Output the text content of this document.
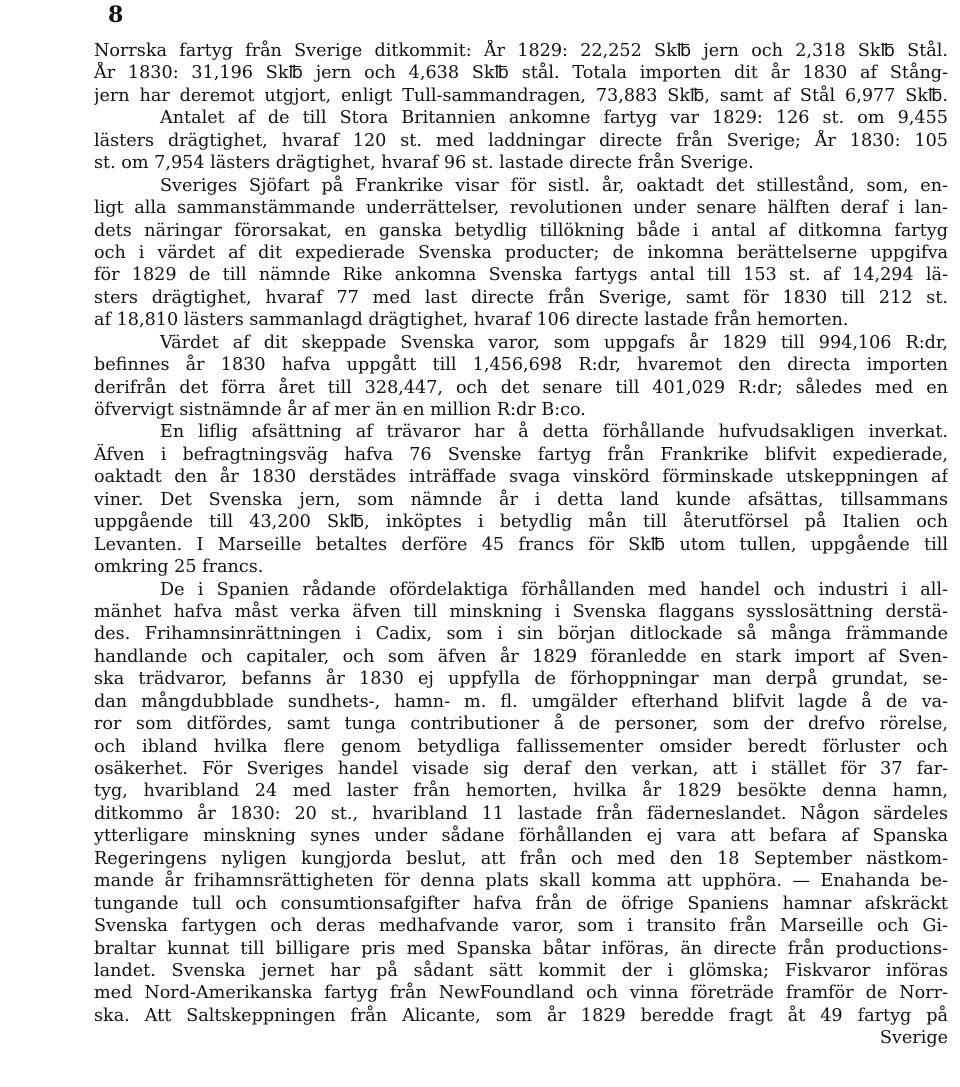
8
Norrska fartyg från Sverige ditkommit: År 1829: 22,252 Sk℔ jern och 2,318 Sk℔ Stål.
År 1830: 31,196 Sk℔ jern och 4,638 Sk℔ stål. Totala importen dit år 1830 af Stång-
jern har deremot utgjort, enligt Tull-sammandragen, 73,883 Sk℔, samt af Stål 6,977 Sk℔.
Antalet af de till Stora Britannien ankomne fartyg var 1829: 126 st. om 9,455
lästers drägtighet, hvaraf 120 st. med laddningar directe från Sverige; År 1830: 105
st. om 7,954 lästers drägtighet, hvaraf 96 st. lastade directe från Sverige.
Sveriges Sjöfart på Frankrike visar för sistl. år, oaktadt det stillestånd, som, en-
ligt alla sammanstämmande underrättelser, revolutionen under senare hälften deraf i lan-
dets näringar förorsakat, en ganska betydlig tillökning både i antal af ditkomna fartyg
och i värdet af dit expedierade Svenska producter; de inkomna berättelserne uppgifva
för 1829 de till nämnde Rike ankomna Svenska fartygs antal till 153 st. af 14,294 lä-
sters drägtighet, hvaraf 77 med last directe från Sverige, samt för 1830 till 212 st.
af 18,810 lästers sammanlagd drägtighet, hvaraf 106 directe lastade från hemorten.
Värdet af dit skeppade Svenska varor, som uppgafs år 1829 till 994,106 R:dr,
befinnes år 1830 hafva uppgått till 1,456,698 R:dr, hvaremot den directa importen
derifrån det förra året till 328,447, och det senare till 401,029 R:dr; således med en
öfvervigt sistnämnde år af mer än en million R:dr B:co.
En liflig afsättning af trävaror har å detta förhållande hufvudsakligen inverkat.
Äfven i befragtningsväg hafva 76 Svenske fartyg från Frankrike blifvit expedierade,
oaktadt den år 1830 derstädes inträffade svaga vinskörd förminskade utskeppningen af
viner. Det Svenska jern, som nämnde år i detta land kunde afsättas, tillsammans
uppgående till 43,200 Sk℔, inköptes i betydlig mån till återutförsel på Italien och
Levanten. I Marseille betaltes derföre 45 francs för Sk℔ utom tullen, uppgående till
omkring 25 francs.
De i Spanien rådande ofördelaktiga förhållanden med handel och industri i all-
mänhet hafva måst verka äfven till minskning i Svenska flaggans sysslosättning derstä-
des. Frihamnsinrättningen i Cadix, som i sin början ditlockade så många främmande
handlande och capitaler, och som äfven år 1829 föranledde en stark import af Sven-
ska trädvaror, befanns år 1830 ej uppfylla de förhoppningar man derpå grundat, se-
dan mångdubblade sundhets-, hamn- m. fl. umgälder efterhand blifvit lagde å de va-
ror som ditfördes, samt tunga contributioner å de personer, som der drefvo rörelse,
och ibland hvilka flere genom betydliga fallissementer omsider beredt förluster och
osäkerhet. För Sveriges handel visade sig deraf den verkan, att i stället för 37 far-
tyg, hvaribland 24 med laster från hemorten, hvilka år 1829 besökte denna hamn,
ditkommo år 1830: 20 st., hvaribland 11 lastade från fäderneslandet. Någon särdeles
ytterligare minskning synes under sådane förhållanden ej vara att befara af Spanska
Regeringens nyligen kungjorda beslut, att från och med den 18 September nästkom-
mande år frihamnsrättigheten för denna plats skall komma att upphöra. — Enahanda be-
tungande tull och consumtionsafgifter hafva från de öfrige Spaniens hamnar afskräckt
Svenska fartygen och deras medhafvande varor, som i transito från Marseille och Gi-
braltar kunnat till billigare pris med Spanska båtar införas, än directe från productions-
landet. Svenska jernet har på sådant sätt kommit der i glömska; Fiskvaror införas
med Nord-Amerikanska fartyg från NewFoundland och vinna företräde framför de Norr-
ska. Att Saltskeppningen från Alicante, som år 1829 beredde fragt åt 49 fartyg på
Sverige
